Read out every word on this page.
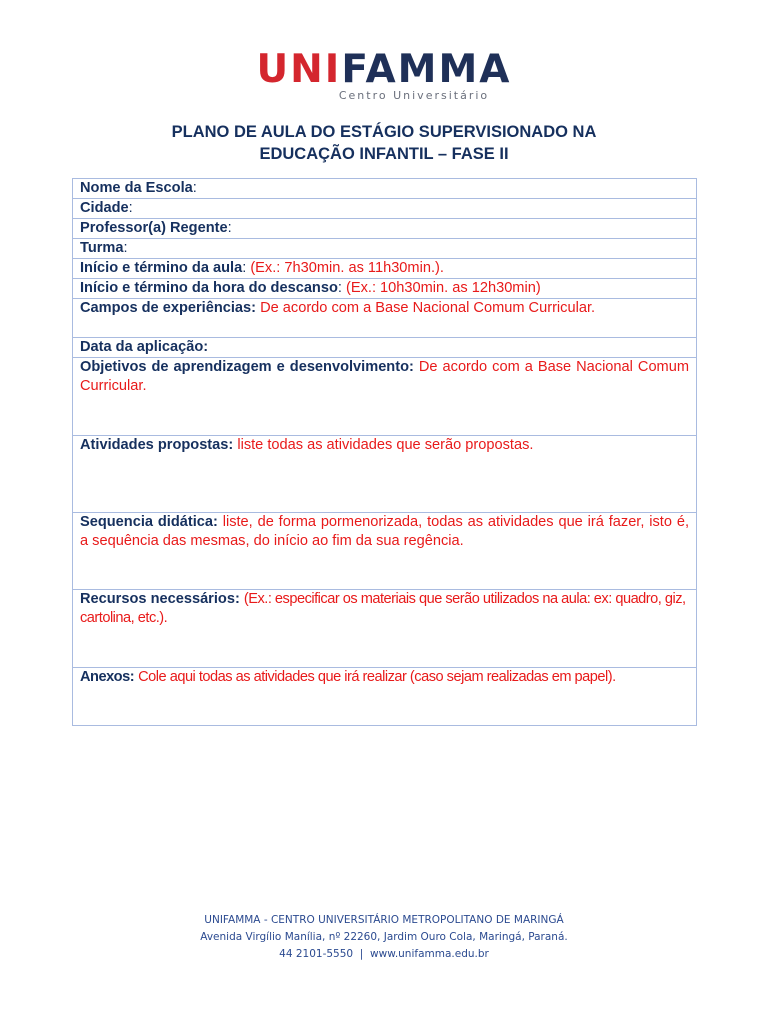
UNIFAMMA
Centro Universitário
PLANO DE AULA DO ESTÁGIO SUPERVISIONADO NA
EDUCAÇÃO INFANTIL – FASE II
Nome da Escola:
Cidade:
Professor(a) Regente:
Turma:
Início e término da aula: (Ex.: 7h30min. as 11h30min.).
Início e término da hora do descanso: (Ex.: 10h30min. as 12h30min)
Campos de experiências: De acordo com a Base Nacional Comum Curricular.
Data da aplicação:
Objetivos de aprendizagem e desenvolvimento: De acordo com a Base Nacional Comum Curricular.
Atividades propostas: liste todas as atividades que serão propostas.
Sequencia didática: liste, de forma pormenorizada, todas as atividades que irá fazer, isto é, a sequência das mesmas, do início ao fim da sua regência.
Recursos necessários: (Ex.: especificar os materiais que serão utilizados na aula: ex: quadro, giz, cartolina, etc.).
Anexos: Cole aqui todas as atividades que irá realizar (caso sejam realizadas em papel).
UNIFAMMA - CENTRO UNIVERSITÁRIO METROPOLITANO DE MARINGÁ
Avenida Virgílio Manília, nº 22260, Jardim Ouro Cola, Maringá, Paraná.
44 2101-5550 | www.unifamma.edu.br
